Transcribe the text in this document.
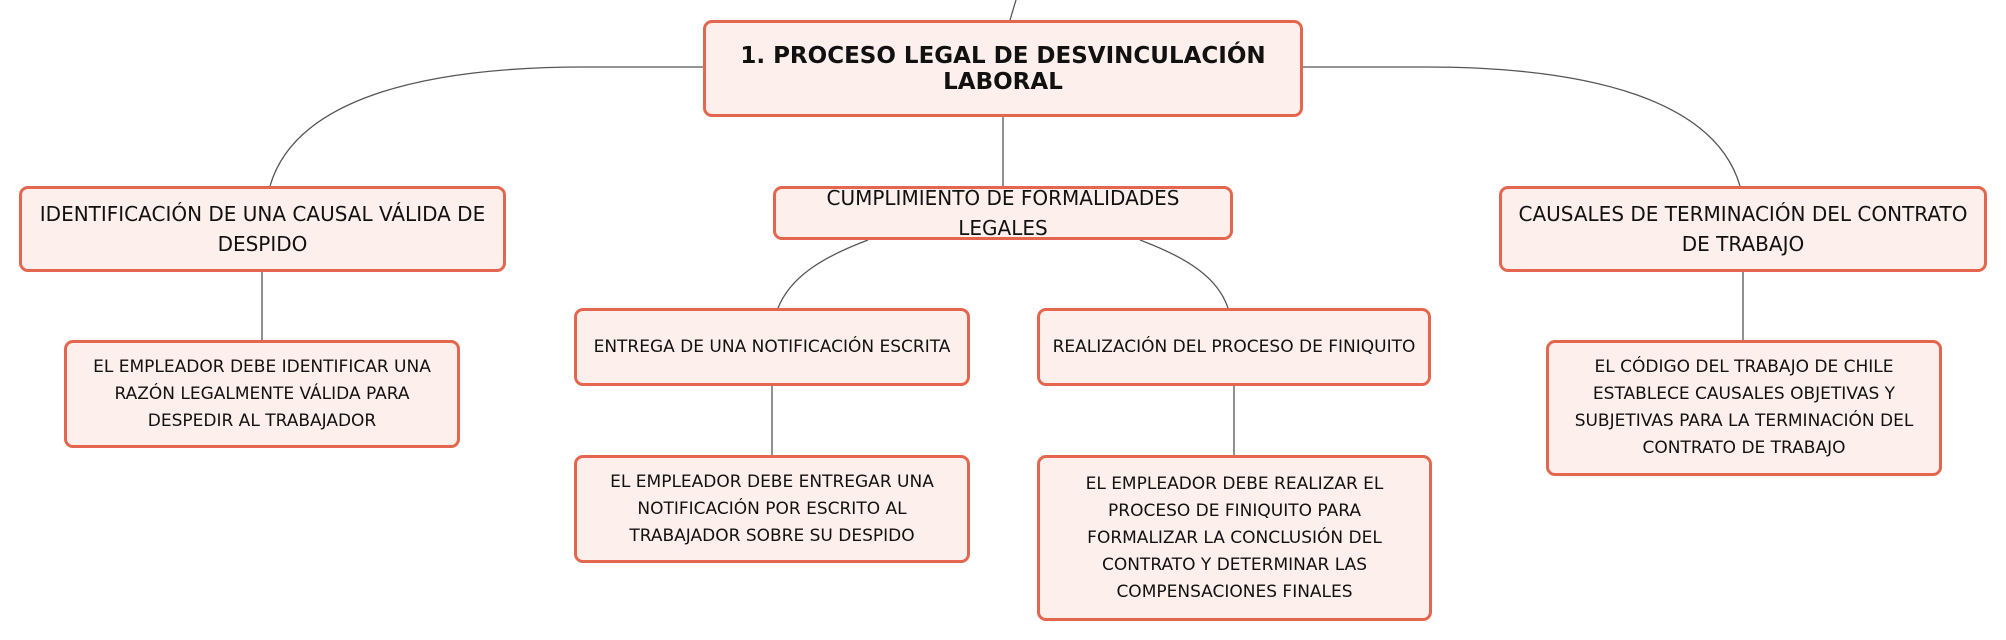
1. PROCESO LEGAL DE DESVINCULACIÓN LABORAL
IDENTIFICACIÓN DE UNA CAUSAL VÁLIDA DE DESPIDO
CUMPLIMIENTO DE FORMALIDADES LEGALES
CAUSALES DE TERMINACIÓN DEL CONTRATO DE TRABAJO
EL EMPLEADOR DEBE IDENTIFICAR UNA RAZÓN LEGALMENTE VÁLIDA PARA DESPEDIR AL TRABAJADOR
ENTREGA DE UNA NOTIFICACIÓN ESCRITA	REALIZACIÓN DEL PROCESO DE FINIQUITO
EL EMPLEADOR DEBE ENTREGAR UNA NOTIFICACIÓN POR ESCRITO AL TRABAJADOR SOBRE SU DESPIDO
EL EMPLEADOR DEBE REALIZAR EL PROCESO DE FINIQUITO PARA FORMALIZAR LA CONCLUSIÓN DEL CONTRATO Y DETERMINAR LAS COMPENSACIONES FINALES
EL CÓDIGO DEL TRABAJO DE CHILE ESTABLECE CAUSALES OBJETIVAS Y SUBJETIVAS PARA LA TERMINACIÓN DEL CONTRATO DE TRABAJO
